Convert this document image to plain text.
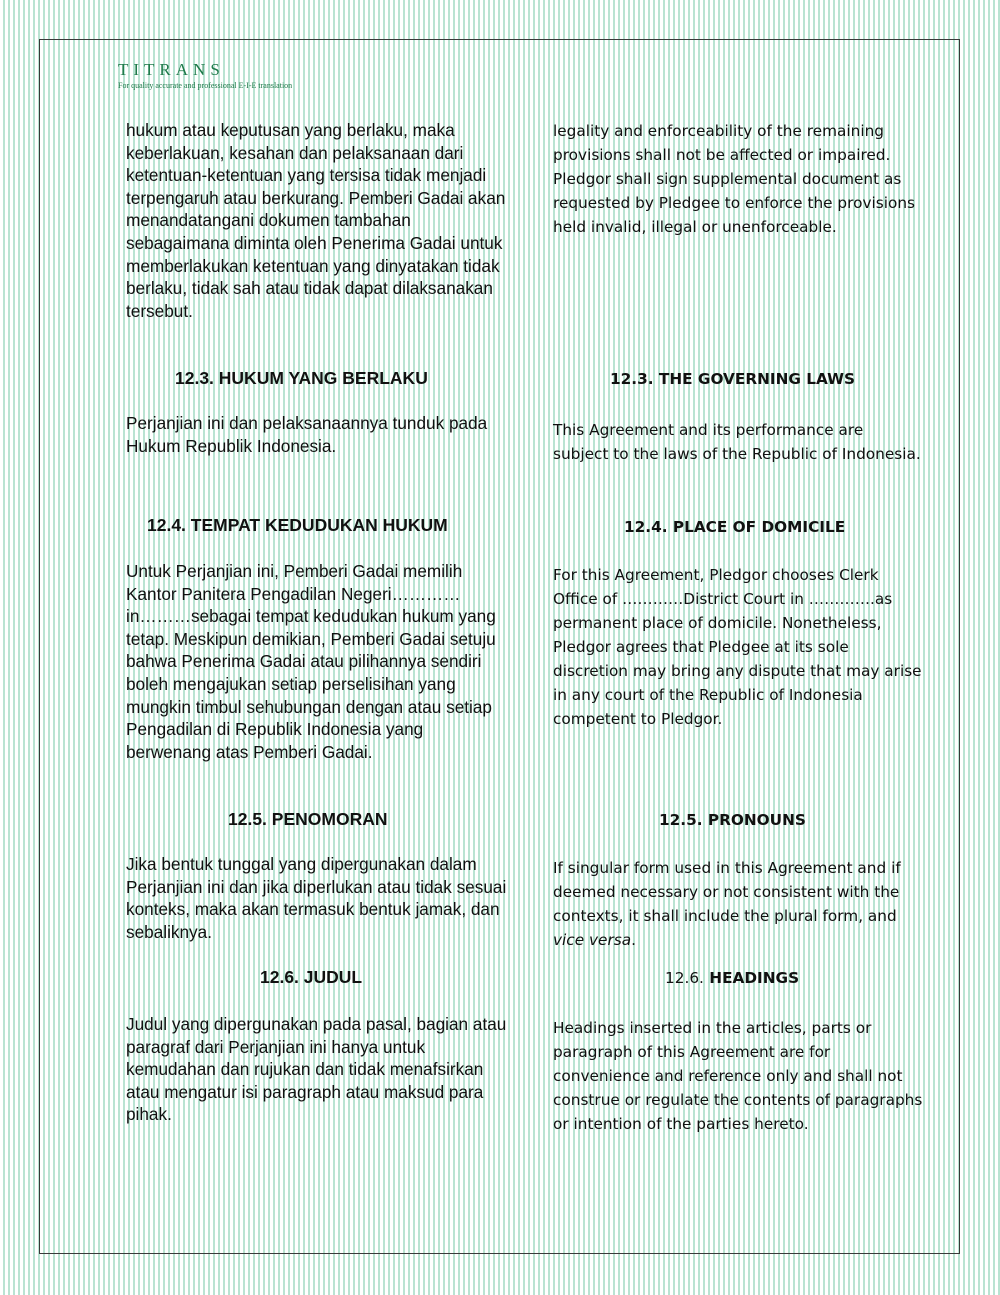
TITRANS
For quality accurate and professional E-I-E translation

hukum atau keputusan yang berlaku, maka keberlakuan, kesahan dan pelaksanaan dari ketentuan-ketentuan yang tersisa tidak menjadi terpengaruh atau berkurang. Pemberi Gadai akan menandatangani dokumen tambahan sebagaimana diminta oleh Penerima Gadai untuk memberlakukan ketentuan yang dinyatakan tidak berlaku, tidak sah atau tidak dapat dilaksanakan tersebut.

12.3. HUKUM YANG BERLAKU

Perjanjian ini dan pelaksanaannya tunduk pada Hukum Republik Indonesia.

12.4. TEMPAT KEDUDUKAN HUKUM

Untuk Perjanjian ini, Pemberi Gadai memilih Kantor Panitera Pengadilan Negeri…………in………sebagai tempat kedudukan hukum yang tetap. Meskipun demikian, Pemberi Gadai setuju bahwa Penerima Gadai atau pilihannya sendiri boleh mengajukan setiap perselisihan yang mungkin timbul sehubungan dengan atau setiap Pengadilan di Republik Indonesia yang berwenang atas Pemberi Gadai.

12.5. PENOMORAN

Jika bentuk tunggal yang dipergunakan dalam Perjanjian ini dan jika diperlukan atau tidak sesuai konteks, maka akan termasuk bentuk jamak, dan sebaliknya.

12.6. JUDUL

Judul yang dipergunakan pada pasal, bagian atau paragraf dari Perjanjian ini hanya untuk kemudahan dan rujukan dan tidak menafsirkan atau mengatur isi paragraph atau maksud para pihak.

legality and enforceability of the remaining provisions shall not be affected or impaired. Pledgor shall sign supplemental document as requested by Pledgee to enforce the provisions held invalid, illegal or unenforceable.

12.3. THE GOVERNING LAWS

This Agreement and its performance are subject to the laws of the Republic of Indonesia.

12.4. PLACE OF DOMICILE

For this Agreement, Pledgor chooses Clerk Office of …………District Court in ………….as permanent place of domicile. Nonetheless, Pledgor agrees that Pledgee at its sole discretion may bring any dispute that may arise in any court of the Republic of Indonesia competent to Pledgor.

12.5. PRONOUNS

If singular form used in this Agreement and if deemed necessary or not consistent with the contexts, it shall include the plural form, and vice versa.

12.6. HEADINGS

Headings inserted in the articles, parts or paragraph of this Agreement are for convenience and reference only and shall not construe or regulate the contents of paragraphs or intention of the parties hereto.
